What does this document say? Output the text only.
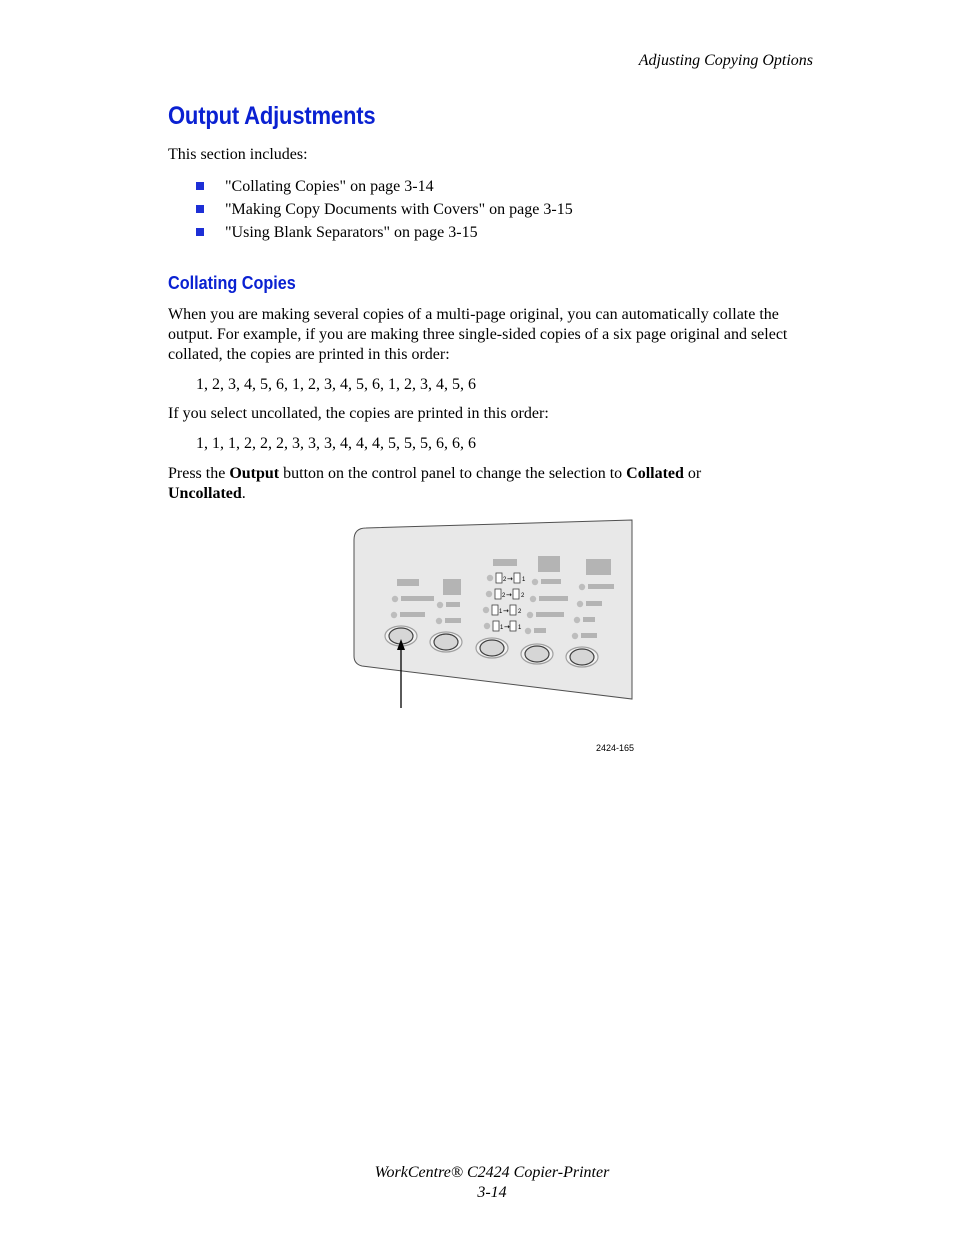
Adjusting Copying Options
Output Adjustments
This section includes:
"Collating Copies" on page 3-14
"Making Copy Documents with Covers" on page 3-15
"Using Blank Separators" on page 3-15
Collating Copies

When you are making several copies of a multi-page original, you can automatically collate the output. For example, if you are making three single-sided copies of a six page original and select collated, the copies are printed in this order:

1, 2, 3, 4, 5, 6, 1, 2, 3, 4, 5, 6, 1, 2, 3, 4, 5, 6

If you select uncollated, the copies are printed in this order:

1, 1, 1, 2, 2, 2, 3, 3, 3, 4, 4, 4, 5, 5, 5, 6, 6, 6

Press the Output button on the control panel to change the selection to Collated or
Uncollated.

2 → 1
2 → 2
1 → 2
1 → 1
2424-165
WorkCentre® C2424 Copier-Printer
3-14
